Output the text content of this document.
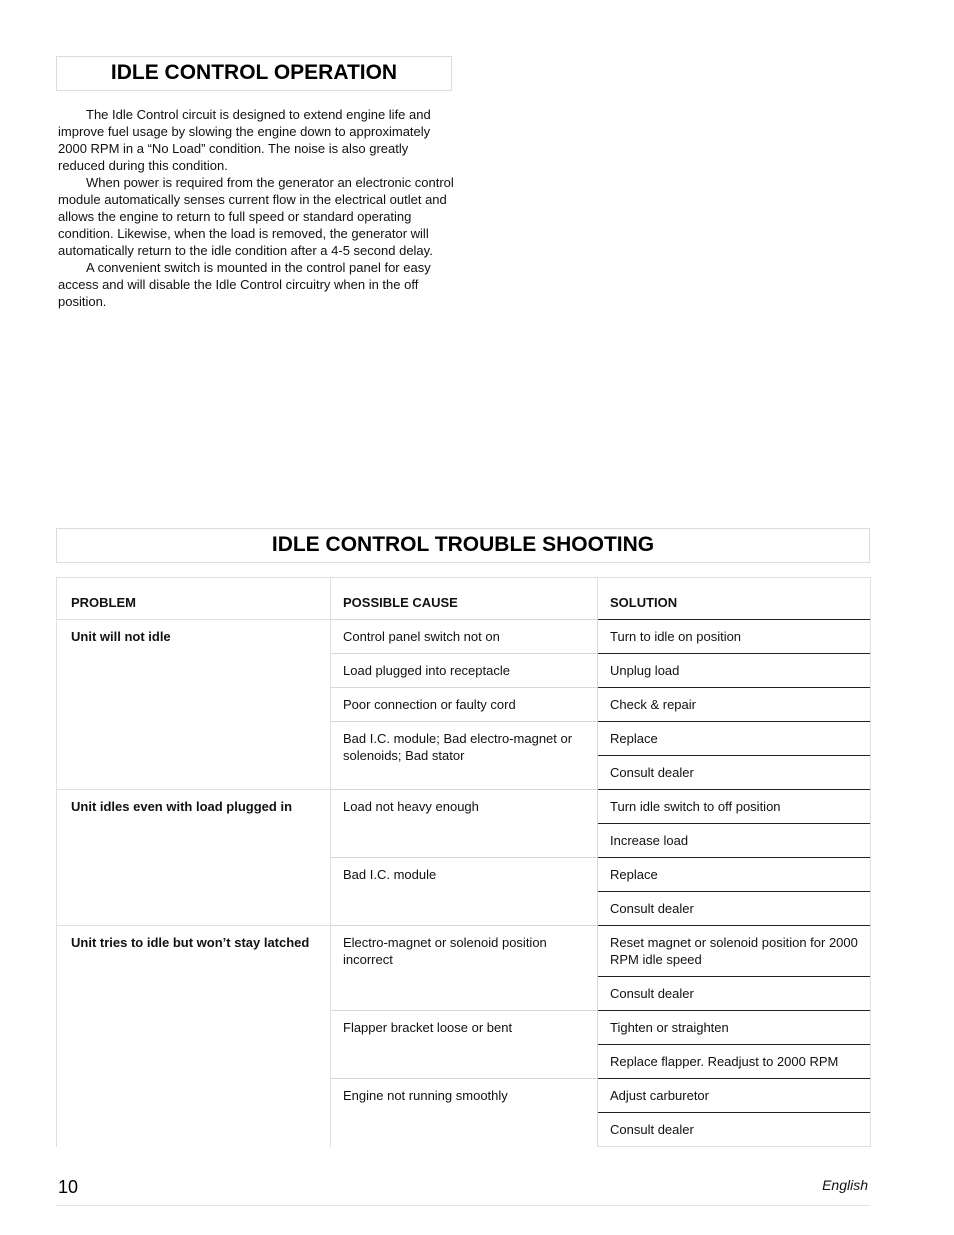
IDLE CONTROL OPERATION

The Idle Control circuit is designed to extend engine life and improve fuel usage by slowing the engine down to approximately 2000 RPM in a “No Load” condition. The noise is also greatly reduced during this condition.

When power is required from the generator an electronic control module automatically senses current flow in the electrical outlet and allows the engine to return to full speed or standard operating condition. Likewise, when the load is removed, the generator will automatically return to the idle condition after a 4-5 second delay.

A convenient switch is mounted in the control panel for easy access and will disable the Idle Control circuitry when in the off position.

IDLE CONTROL TROUBLE SHOOTING
PROBLEM	POSSIBLE CAUSE	SOLUTION
Unit will not idle	Control panel switch not on	Turn to idle on position
	Load plugged into receptacle	Unplug load
	Poor connection or faulty cord	Check & repair
	Bad I.C. module; Bad electro-magnet or solenoids; Bad stator	Replace
		Consult dealer
Unit idles even with load plugged in	Load not heavy enough	Turn idle switch to off position
		Increase load
	Bad I.C. module	Replace
		Consult dealer
Unit tries to idle but won’t stay latched	Electro-magnet or solenoid position incorrect	Reset magnet or solenoid position for 2000 RPM idle speed
		Consult dealer
	Flapper bracket loose or bent	Tighten or straighten
		Replace flapper. Readjust to 2000 RPM
	Engine not running smoothly	Adjust carburetor
		Consult dealer
10	English
